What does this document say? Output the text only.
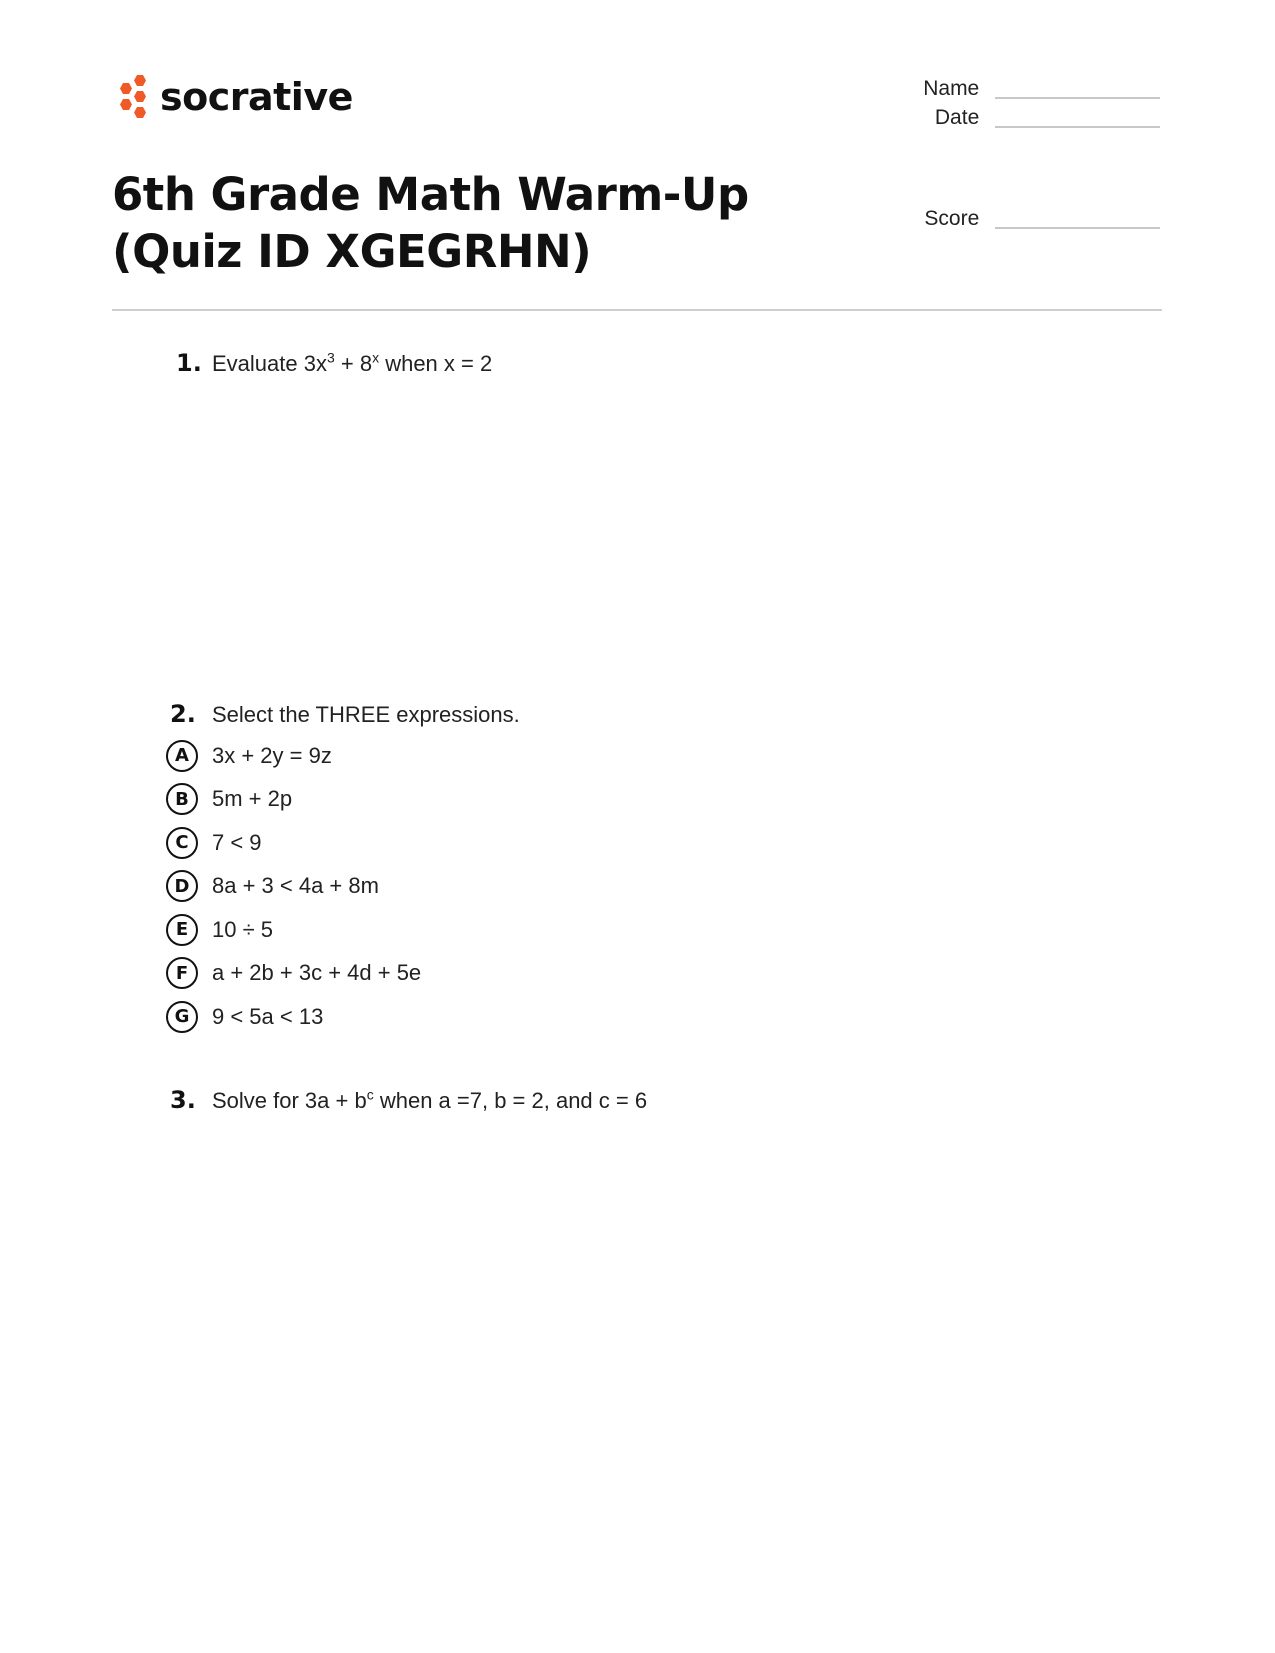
socrative	Name
Date
Score
6th Grade Math Warm-Up (Quiz ID XGEGRHN)
1. Evaluate $3x^3 + 8^x$ when x = 2
2. Select the THREE expressions.
A	3x + 2y = 9z
B	5m + 2p
C	7 < 9
D	8a + 3 < 4a + 8m
E	10 ÷ 5
F	a + 2b + 3c + 4d + 5e
G	9 < 5a < 13
3. Solve for $3a + b^c$ when a =7, b = 2, and c = 6
